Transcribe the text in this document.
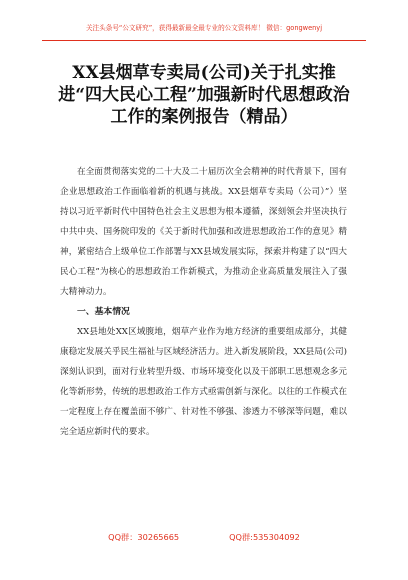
关注头条号“公文研究”，获得最新最全最专业的公文资料库！ 微信：gongwenyj
XX县烟草专卖局(公司)关于扎实推进“四大民心工程”加强新时代思想政治工作的案例报告（精品）

在全面贯彻落实党的二十大及二十届历次全会精神的时代背景下，国有企业思想政治工作面临着新的机遇与挑战。XX县烟草专卖局（公司）”）坚持以习近平新时代中国特色社会主义思想为根本遵循，深刻领会并坚决执行中共中央、国务院印发的《关于新时代加强和改进思想政治工作的意见》精神，紧密结合上级单位工作部署与XX县域发展实际，探索并构建了以“四大民心工程”为核心的思想政治工作新模式，为推动企业高质量发展注入了强大精神动力。

一、基本情况

XX县地处XX区域腹地，烟草产业作为地方经济的重要组成部分，其健康稳定发展关乎民生福祉与区域经济活力。进入新发展阶段，XX县局(公司)深刻认识到，面对行业转型升级、市场环境变化以及干部职工思想观念多元化等新形势，传统的思想政治工作方式亟需创新与深化。以往的工作模式在一定程度上存在覆盖面不够广、针对性不够强、渗透力不够深等问题，难以完全适应新时代的要求。

QQ群：30265665	QQ群:535304092
